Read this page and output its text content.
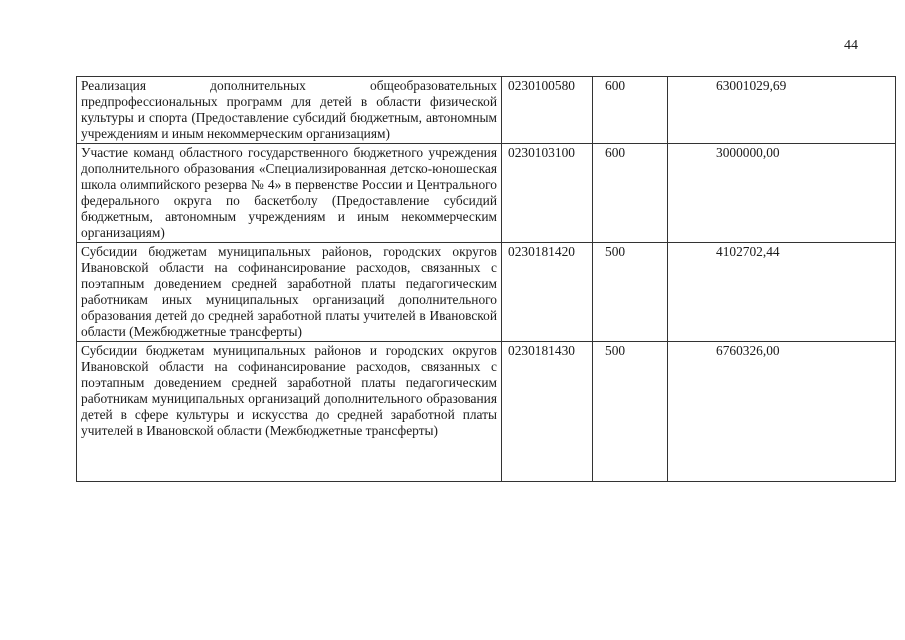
44
Реализация дополнительных общеобразовательных предпрофессиональных программ для детей в области физической культуры и спорта (Предоставление субсидий бюджетным, автономным учреждениям и иным некоммерческим организациям)	0230100580	600	63001029,69
Участие команд областного государственного бюджетного учреждения дополнительного образования «Специализированная детско-юношеская школа олимпийского резерва № 4» в первенстве России и Центрального федерального округа по баскетболу (Предоставление субсидий бюджетным, автономным учреждениям и иным некоммерческим организациям)	0230103100	600	3000000,00
Субсидии бюджетам муниципальных районов, городских округов Ивановской области на софинансирование расходов, связанных с поэтапным доведением средней заработной платы педагогическим работникам иных муниципальных организаций дополнительного образования детей до средней заработной платы учителей в Ивановской области (Межбюджетные трансферты)	0230181420	500	4102702,44
Субсидии бюджетам муниципальных районов и городских округов Ивановской области на софинансирование расходов, связанных с поэтапным доведением средней заработной платы педагогическим работникам муниципальных организаций дополнительного образования детей в сфере культуры и искусства до средней заработной платы учителей в Ивановской области (Межбюджетные трансферты)	0230181430	500	6760326,00
